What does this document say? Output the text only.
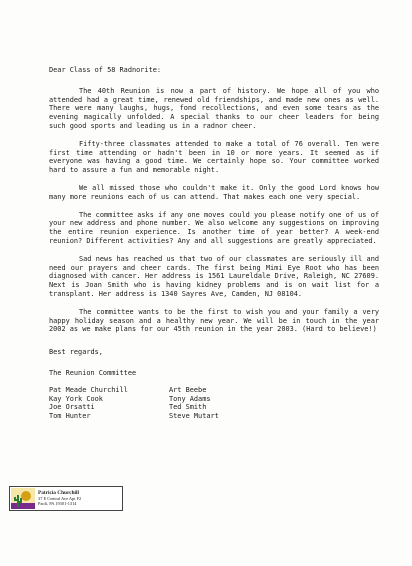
Dear Class of 58 Radnorite:

The 40th Reunion is now a part of history. We hope all of you who attended had a great time, renewed old friendships, and made new ones as well. There were many laughs, hugs, fond recollections, and even some tears as the evening magically unfolded. A special thanks to our cheer leaders for being such good sports and leading us in a radnor cheer.

Fifty-three classmates attended to make a total of 76 overall. Ten were first time attending or hadn't been in 10 or more years. It seemed as if everyone was having a good time. We certainly hope so. Your committee worked hard to assure a fun and memorable night.

We all missed those who couldn't make it. Only the good Lord knows how many more reunions each of us can attend. That makes each one very special.

The committee asks if any one moves could you please notify one of us of your new address and phone number. We also welcome any suggestions on improving the entire reunion experience. Is another time of year better? A week-end reunion? Different activities? Any and all suggestions are greatly appreciated.

Sad news has reached us that two of our classmates are seriously ill and need our prayers and cheer cards. The first being Mimi Eye Root who has been diagnosed with cancer. Her address is 1561 Laureldale Drive, Raleigh, NC 27609. Next is Joan Smith who is having kidney problems and is on wait list for a transplant. Her address is 1340 Sayres Ave, Camden, NJ 08104.

The committee wants to be the first to wish you and your family a very happy holiday season and a healthy new year. We will be in touch in the year 2002 as we make plans for our 45th reunion in the year 2003. (Hard to believe!)

Best regards,

The Reunion Committee

Pat Meade Churchill
Kay York Cook
Joe Orsatti
Tom Hunter
Art Beebe
Tony Adams
Ted Smith
Steve Mutart
Patricia Churchill
37 E Central Ave Apt F2
Paoli, PA 19301-1314
